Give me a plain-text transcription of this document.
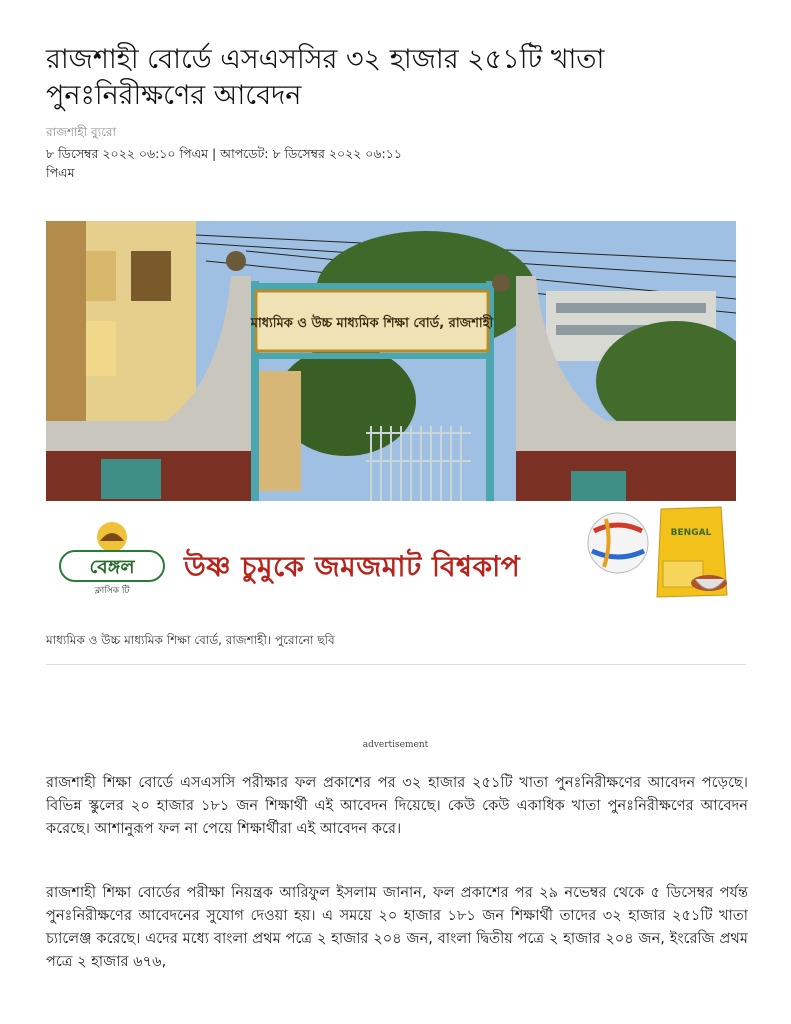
রাজশাহী বোর্ডে এসএসসির ৩২ হাজার ২৫১টি খাতা পুনঃনিরীক্ষণের আবেদন
রাজশাহী ব্যুরো
৮ ডিসেম্বর ২০২২ ০৬:১০ পিএম | আপডেট: ৮ ডিসেম্বর ২০২২ ০৬:১১ পিএম
মাধ্যমিক ও উচ্চ মাধ্যমিক শিক্ষা বোর্ড, রাজশাহী
বেঙ্গল
ক্লাসিক টি
উষ্ণ চুমুকে জমজমাট বিশ্বকাপ
BENGAL
মাধ্যমিক ও উচ্চ মাধ্যমিক শিক্ষা বোর্ড, রাজশাহী। পুরোনো ছবি
advertisement

রাজশাহী শিক্ষা বোর্ডে এসএসসি পরীক্ষার ফল প্রকাশের পর ৩২ হাজার ২৫১টি খাতা পুনঃনিরীক্ষণের আবেদন পড়েছে। বিভিন্ন স্কুলের ২০ হাজার ১৮১ জন শিক্ষার্থী এই আবেদন দিয়েছে। কেউ কেউ একাধিক খাতা পুনঃনিরীক্ষণের আবেদন করেছে। আশানুরূপ ফল না পেয়ে শিক্ষার্থীরা এই আবেদন করে।

রাজশাহী শিক্ষা বোর্ডের পরীক্ষা নিয়ন্ত্রক আরিফুল ইসলাম জানান, ফল প্রকাশের পর ২৯ নভেম্বর থেকে ৫ ডিসেম্বর পর্যন্ত পুনঃনিরীক্ষণের আবেদনের সুযোগ দেওয়া হয়। এ সময়ে ২০ হাজার ১৮১ জন শিক্ষার্থী তাদের ৩২ হাজার ২৫১টি খাতা চ্যালেঞ্জ করেছে। এদের মধ্যে বাংলা প্রথম পত্রে ২ হাজার ২০৪ জন, বাংলা দ্বিতীয় পত্রে ২ হাজার ২০৪ জন, ইংরেজি প্রথম পত্রে ২ হাজার ৬৭৬,
